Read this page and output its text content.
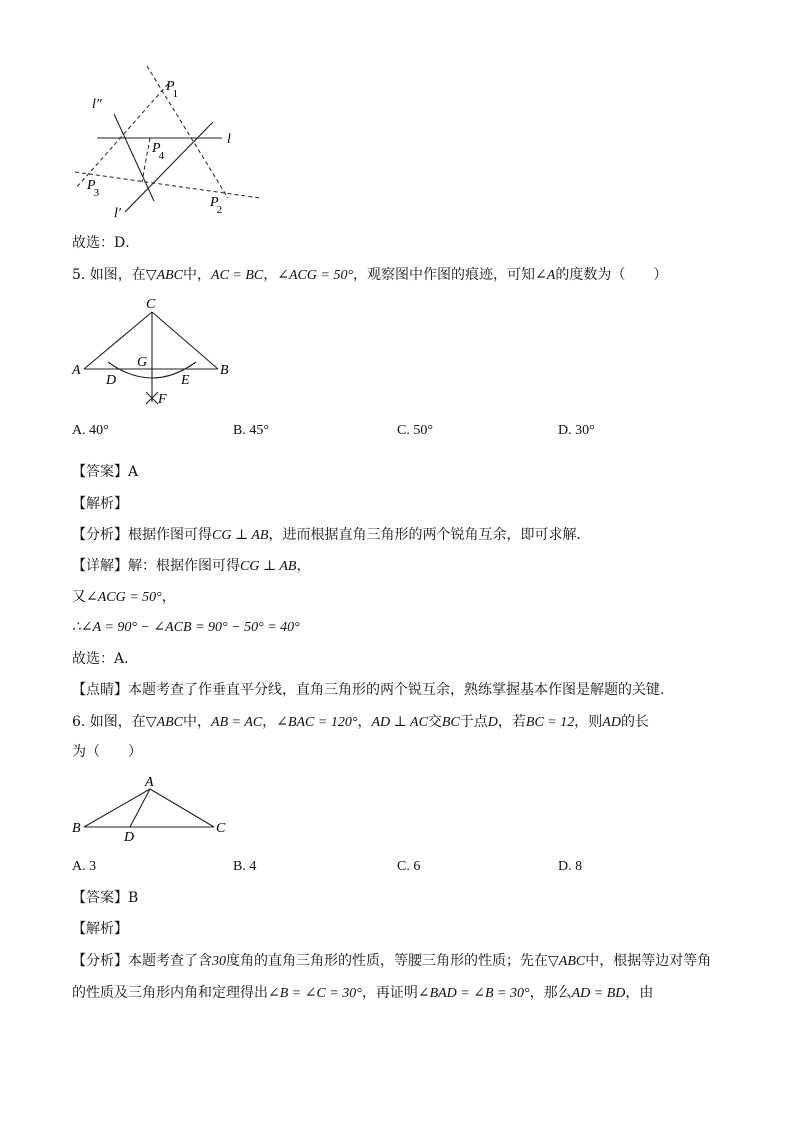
P1
l″
l
P4
P3
P2
l′
故选：D．
5. 如图，在▽ABC中，AC = BC，∠ACG = 50°，观察图中作图的痕迹，可知∠A的度数为（　　）
C
G
A	B
D	E
F
A. 40°	B. 45°	C. 50°	D. 30°
【答案】A
【解析】
【分析】根据作图可得CG ⊥ AB，进而根据直角三角形的两个锐角互余，即可求解．
【详解】解：根据作图可得CG ⊥ AB，
又∠ACG = 50°，
∴∠A = 90° − ∠ACB = 90° − 50° = 40°
故选：A．
【点睛】本题考查了作垂直平分线，直角三角形的两个锐互余，熟练掌握基本作图是解题的关键．
6. 如图，在▽ABC中，AB = AC，∠BAC = 120°，AD ⊥ AC交BC于点D，若BC = 12，则AD的长
为（　　）
A
B	C
D
A. 3	B. 4	C. 6	D. 8
【答案】B
【解析】
【分析】本题考查了含30度角的直角三角形的性质，等腰三角形的性质；先在▽ABC中，根据等边对等角
的性质及三角形内角和定理得出∠B = ∠C = 30°，再证明∠BAD = ∠B = 30°，那么AD = BD，由
